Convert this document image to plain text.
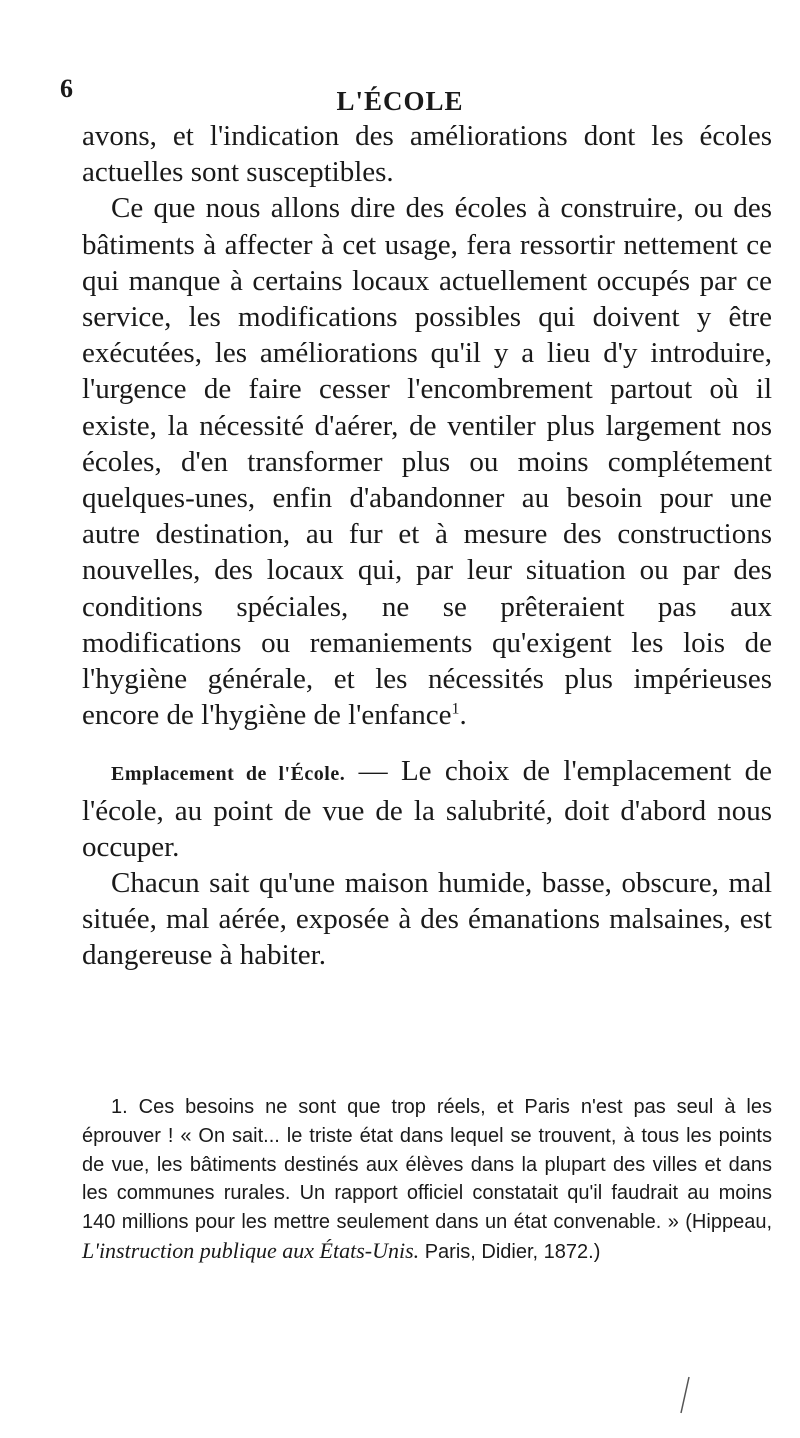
6	L'ÉCOLE

avons, et l'indication des améliorations dont les écoles actuelles sont susceptibles.

Ce que nous allons dire des écoles à construire, ou des bâtiments à affecter à cet usage, fera ressortir nettement ce qui manque à certains locaux actuellement occupés par ce service, les modifications possibles qui doivent y être exécutées, les améliorations qu'il y a lieu d'y introduire, l'urgence de faire cesser l'encombrement partout où il existe, la nécessité d'aérer, de ventiler plus largement nos écoles, d'en transformer plus ou moins complétement quelques-unes, enfin d'abandonner au besoin pour une autre destination, au fur et à mesure des constructions nouvelles, des locaux qui, par leur situation ou par des conditions spéciales, ne se prêteraient pas aux modifications ou remaniements qu'exigent les lois de l'hygiène générale, et les nécessités plus impérieuses encore de l'hygiène de l'enfance$^1$.

Emplacement de l'École. — Le choix de l'emplacement de l'école, au point de vue de la salubrité, doit d'abord nous occuper.

Chacun sait qu'une maison humide, basse, obscure, mal située, mal aérée, exposée à des émanations malsaines, est dangereuse à habiter.

1. Ces besoins ne sont que trop réels, et Paris n'est pas seul à les éprouver ! « On sait... le triste état dans lequel se trouvent, à tous les points de vue, les bâtiments destinés aux élèves dans la plupart des villes et dans les communes rurales. Un rapport officiel constatait qu'il faudrait au moins 140 millions pour les mettre seulement dans un état convenable. » (Hippeau, L'instruction publique aux États-Unis. Paris, Didier, 1872.)
